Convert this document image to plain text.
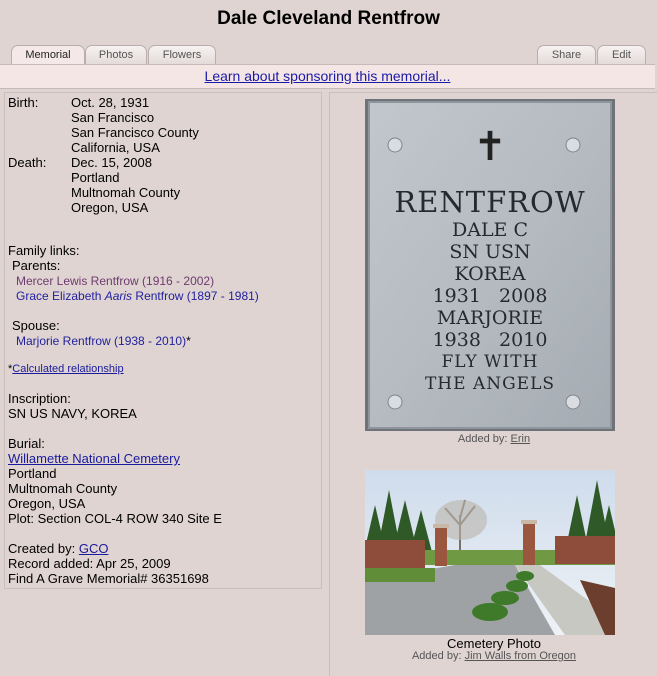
Dale Cleveland Rentfrow
Memorial	Photos	Flowers	Share	Edit
Learn about sponsoring this memorial...
Birth:	Oct. 28, 1931
San Francisco
San Francisco County
California, USA
Death: Dec. 15, 2008
Portland
Multnomah County
Oregon, USA
Family links:
Parents:
Mercer Lewis Rentfrow (1916 - 2002)
Grace Elizabeth Aaris Rentfrow (1897 - 1981)
Spouse:
Marjorie Rentfrow (1938 - 2010)*
*Calculated relationship
Inscription:
SN US NAVY, KOREA
Burial:
Willamette National Cemetery
Portland
Multnomah County
Oregon, USA
Plot: Section COL-4 ROW 340 Site E
Created by: GCO
Record added: Apr 25, 2009
Find A Grave Memorial# 36351698
✝
RENTFROW
DALE C
SN USN
KOREA
1931   2008
MARJORIE
1938   2010
FLY WITH
THE ANGELS
Added by: Erin
Cemetery Photo
Added by: Jim Walls from Oregon
